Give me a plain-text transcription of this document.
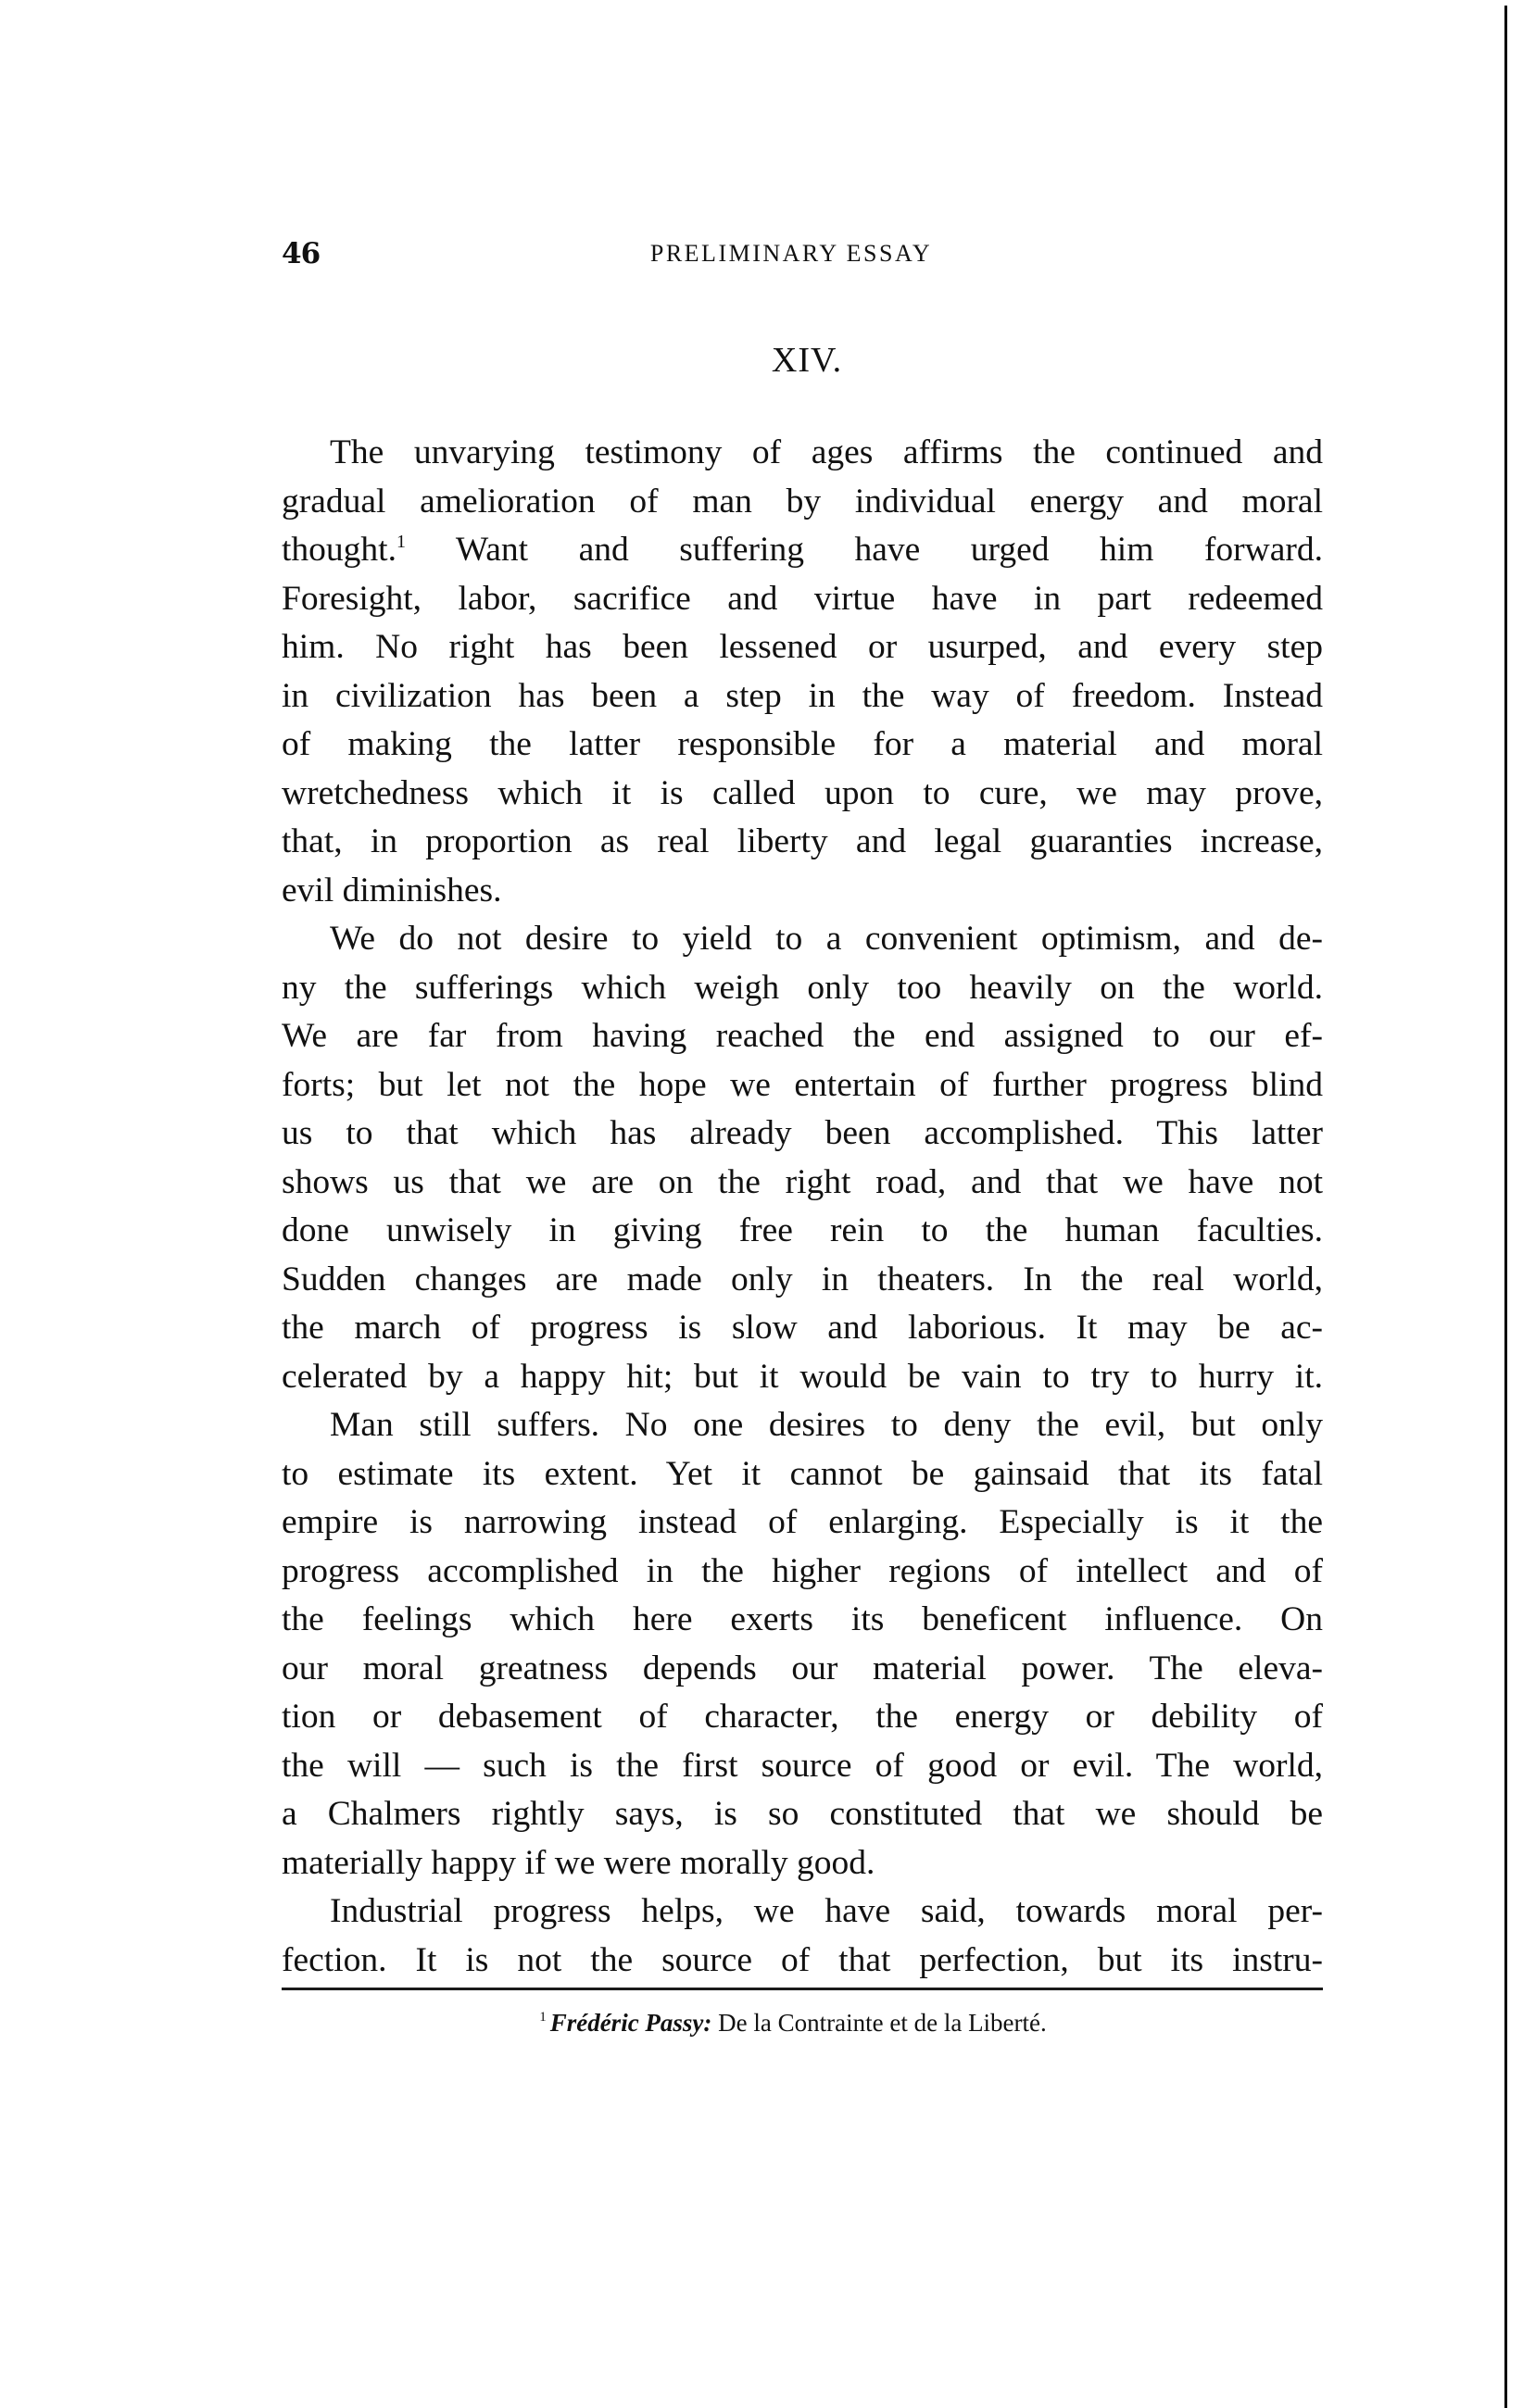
46	PRELIMINARY ESSAY
XIV.
The unvarying testimony of ages affirms the continued and
gradual amelioration of man by individual energy and moral
thought.$^1$ Want and suffering have urged him forward.
Foresight, labor, sacrifice and virtue have in part redeemed
him. No right has been lessened or usurped, and every step
in civilization has been a step in the way of freedom. Instead
of making the latter responsible for a material and moral
wretchedness which it is called upon to cure, we may prove,
that, in proportion as real liberty and legal guaranties increase,
evil diminishes.
We do not desire to yield to a convenient optimism, and de-
ny the sufferings which weigh only too heavily on the world.
We are far from having reached the end assigned to our ef-
forts; but let not the hope we entertain of further progress blind
us to that which has already been accomplished. This latter
shows us that we are on the right road, and that we have not
done unwisely in giving free rein to the human faculties.
Sudden changes are made only in theaters. In the real world,
the march of progress is slow and laborious. It may be ac-
celerated by a happy hit; but it would be vain to try to hurry it.
Man still suffers. No one desires to deny the evil, but only
to estimate its extent. Yet it cannot be gainsaid that its fatal
empire is narrowing instead of enlarging. Especially is it the
progress accomplished in the higher regions of intellect and of
the feelings which here exerts its beneficent influence. On
our moral greatness depends our material power. The eleva-
tion or debasement of character, the energy or debility of
the will — such is the first source of good or evil. The world,
a Chalmers rightly says, is so constituted that we should be
materially happy if we were morally good.
Industrial progress helps, we have said, towards moral per-
fection. It is not the source of that perfection, but its instru-
$^1$ Frédéric Passy: De la Contrainte et de la Liberté.
